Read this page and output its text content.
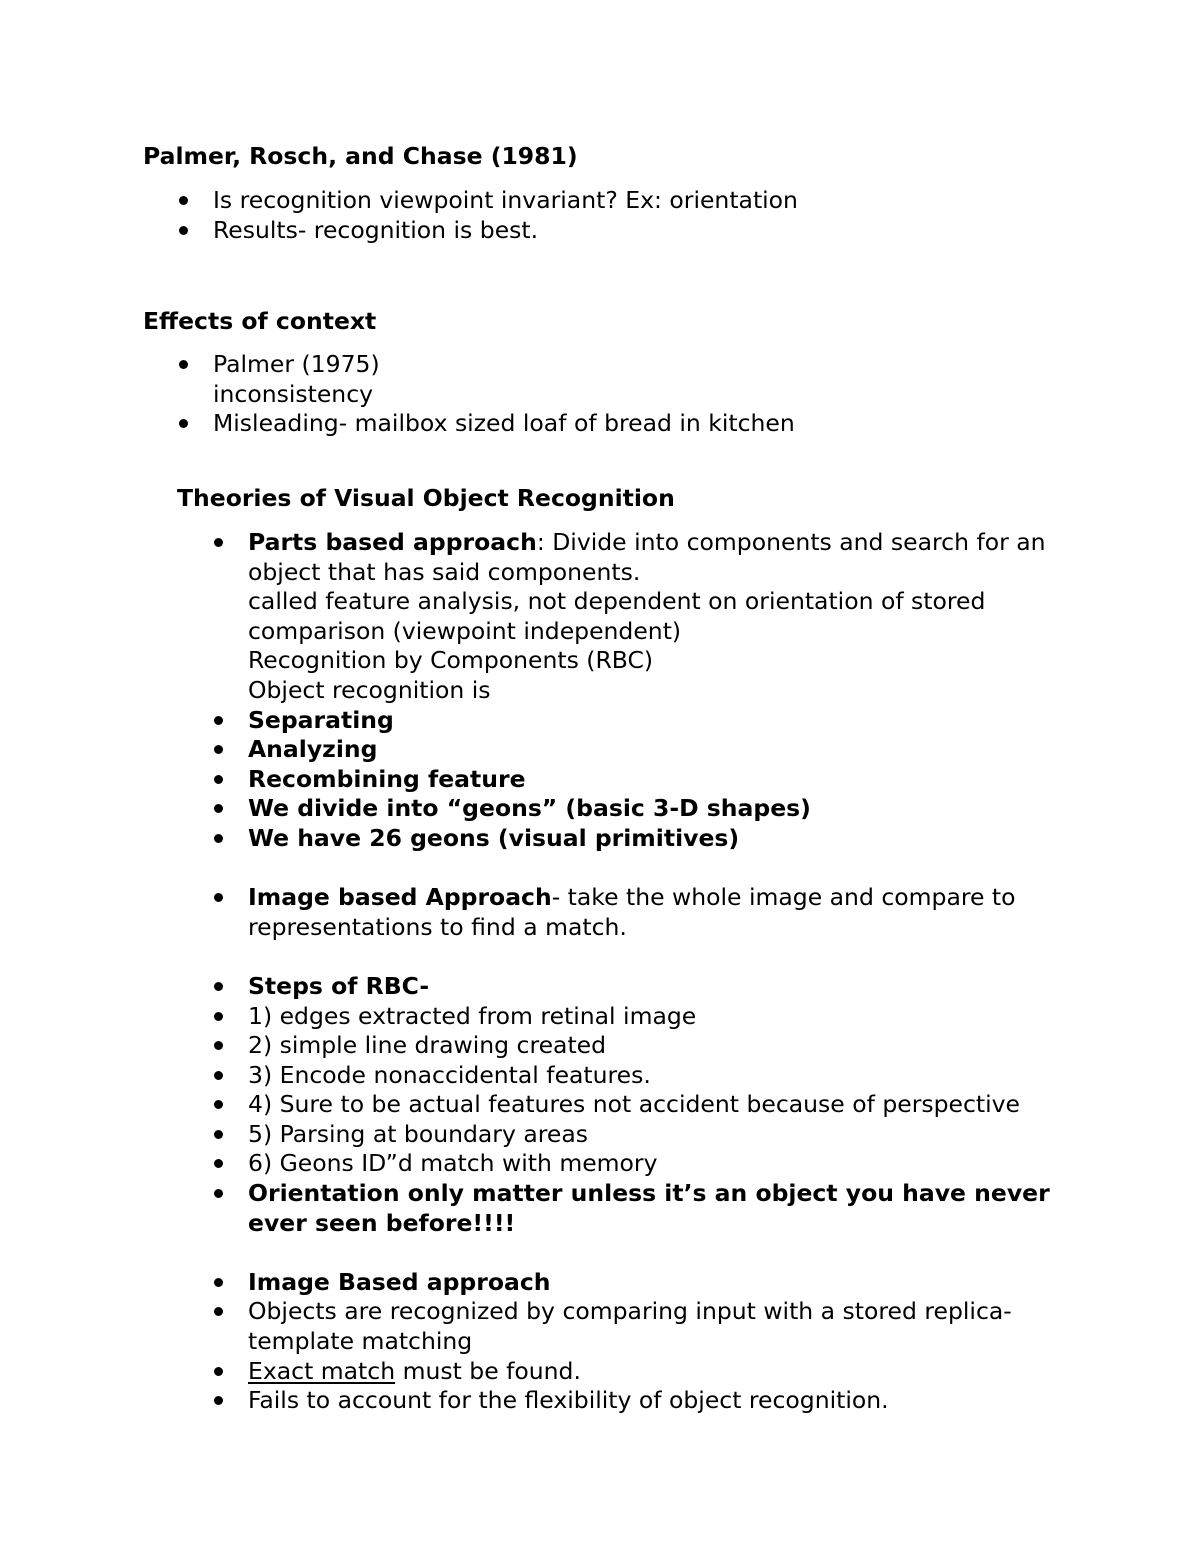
Palmer, Rosch, and Chase (1981)
Is recognition viewpoint invariant? Ex: orientation
Results- recognition is best.
Effects of context
Palmer (1975)
inconsistency
Misleading- mailbox sized loaf of bread in kitchen
Theories of Visual Object Recognition
Parts based approach: Divide into components and search for an
object that has said components.
called feature analysis, not dependent on orientation of stored
comparison (viewpoint independent)
Recognition by Components (RBC)
Object recognition is
Separating
Analyzing
Recombining feature
We divide into “geons” (basic 3-D shapes)
We have 26 geons (visual primitives)
Image based Approach- take the whole image and compare to
representations to find a match.
Steps of RBC-
1) edges extracted from retinal image
2) simple line drawing created
3) Encode nonaccidental features.
4) Sure to be actual features not accident because of perspective
5) Parsing at boundary areas
6) Geons ID”d match with memory
Orientation only matter unless it’s an object you have never
ever seen before!!!!
Image Based approach
Objects are recognized by comparing input with a stored replica-
template matching
Exact match must be found.
Fails to account for the flexibility of object recognition.
